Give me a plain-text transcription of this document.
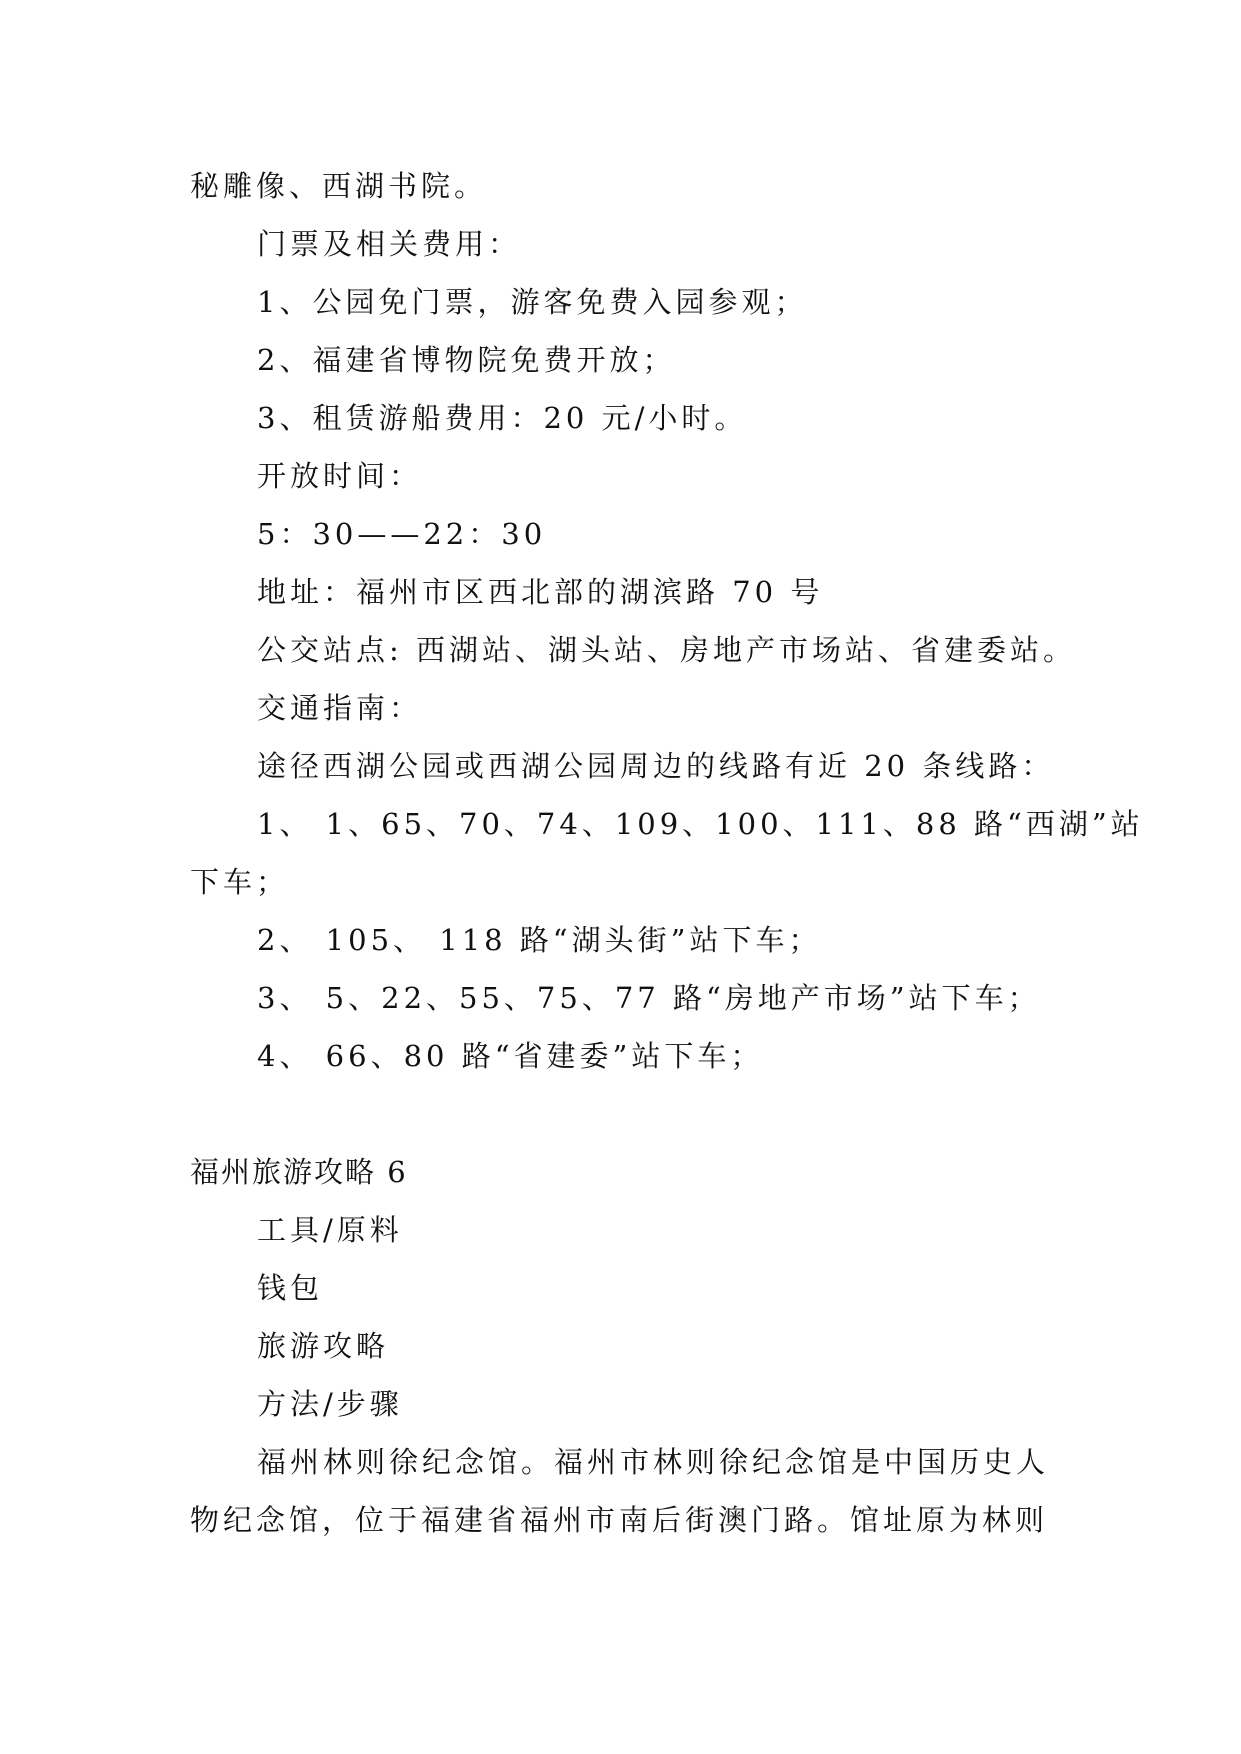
秘雕像、西湖书院。
门票及相关费用：
1、公园免门票，游客免费入园参观；
2、福建省博物院免费开放；
3、租赁游船费用：20 元/小时。
开放时间：
5：30——22：30
地址：福州市区西北部的湖滨路 70 号
公交站点: 西湖站、湖头站、房地产市场站、省建委站。
交通指南：
途径西湖公园或西湖公园周边的线路有近 20 条线路：
1、 1、65、70、74、109、100、111、88 路“西湖”站
下车；
2、 105、 118 路“湖头街”站下车；
3、 5、22、55、75、77 路“房地产市场”站下车；
4、 66、80 路“省建委”站下车；
福州旅游攻略 6
工具/原料
钱包
旅游攻略
方法/步骤
福州林则徐纪念馆。福州市林则徐纪念馆是中国历史人
物纪念馆，位于福建省福州市南后街澳门路。馆址原为林则
